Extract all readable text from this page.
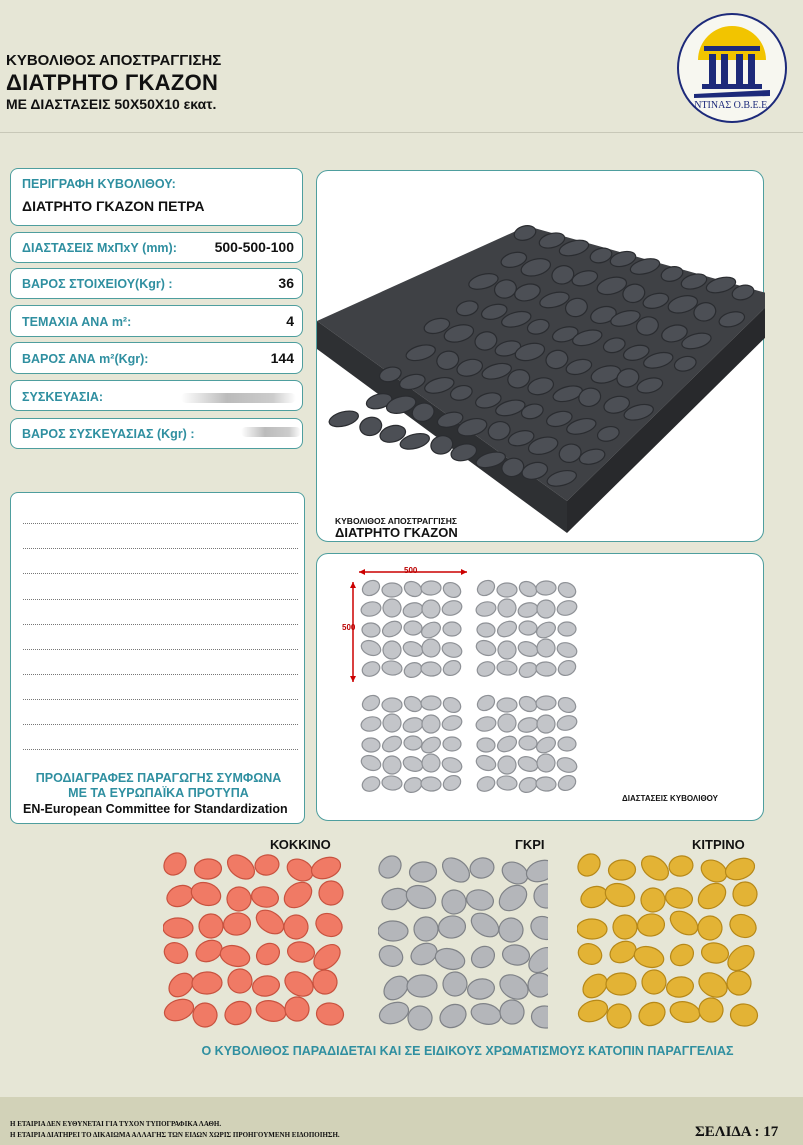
ΚΥΒΟΛΙΘΟΣ ΑΠΟΣΤΡΑΓΓΙΣΗΣ
ΔΙΑΤΡΗΤΟ ΓΚΑΖΟΝ
ΜΕ ΔΙΑΣΤΑΣΕΙΣ 50Χ50Χ10 εκατ.	ΝΤΙΝΑΣ Ο.Β.Ε.Ε.
ΠΕΡΙΓΡΑΦΗ ΚΥΒΟΛΙΘΟΥ:
ΔΙΑΤΡΗΤΟ ΓΚΑΖΟΝ ΠΕΤΡΑ
ΔΙΑΣΤΑΣΕΙΣ ΜxΠxΥ (mm):	500-500-100
ΒΑΡΟΣ ΣΤΟΙΧΕΙΟΥ(Kgr) :	36
ΤΕΜΑΧΙΑ ΑΝΑ m²:	4
ΒΑΡΟΣ ΑΝΑ m²(Kgr):	144
ΣΥΣΚΕΥΑΣΙΑ:
ΒΑΡΟΣ ΣΥΣΚΕΥΑΣΙΑΣ (Kgr) :
ΠΡΟΔΙΑΓΡΑΦΕΣ ΠΑΡΑΓΩΓΗΣ ΣΥΜΦΩΝΑ
ΜΕ ΤΑ ΕΥΡΩΠΑΪΚΑ ΠΡΟΤΥΠΑ
EN-European Committee for Standardization
ΚΥΒΟΛΙΘΟΣ ΑΠΟΣΤΡΑΓΓΙΣΗΣ
ΔΙΑΤΡΗΤΟ ΓΚΑΖΟΝ
500
500
ΔΙΑΣΤΑΣΕΙΣ ΚΥΒΟΛΙΘΟΥ
ΚΟΚΚΙΝΟ	ΓΚΡΙ	ΚΙΤΡΙΝΟ
Ο ΚΥΒΟΛΙΘΟΣ ΠΑΡΑΔΙΔΕΤΑΙ ΚΑΙ ΣΕ ΕΙΔΙΚΟΥΣ ΧΡΩΜΑΤΙΣΜΟΥΣ ΚΑΤΟΠΙΝ ΠΑΡΑΓΓΕΛΙΑΣ
Η ΕΤΑΙΡΙΑ ΔΕΝ ΕΥΘΥΝΕΤΑΙ ΓΙΑ ΤΥΧΟΝ ΤΥΠΟΓΡΑΦΙΚΑ ΛΑΘΗ.
Η ΕΤΑΙΡΙΑ ΔΙΑΤΗΡΕΙ ΤΟ ΔΙΚΑΙΩΜΑ ΑΛΛΑΓΗΣ ΤΩΝ ΕΙΔΩΝ ΧΩΡΙΣ ΠΡΟΗΓΟΥΜΕΝΗ ΕΙΔΟΠΟΙΗΣΗ.	ΣΕΛΙΔΑ : 17
